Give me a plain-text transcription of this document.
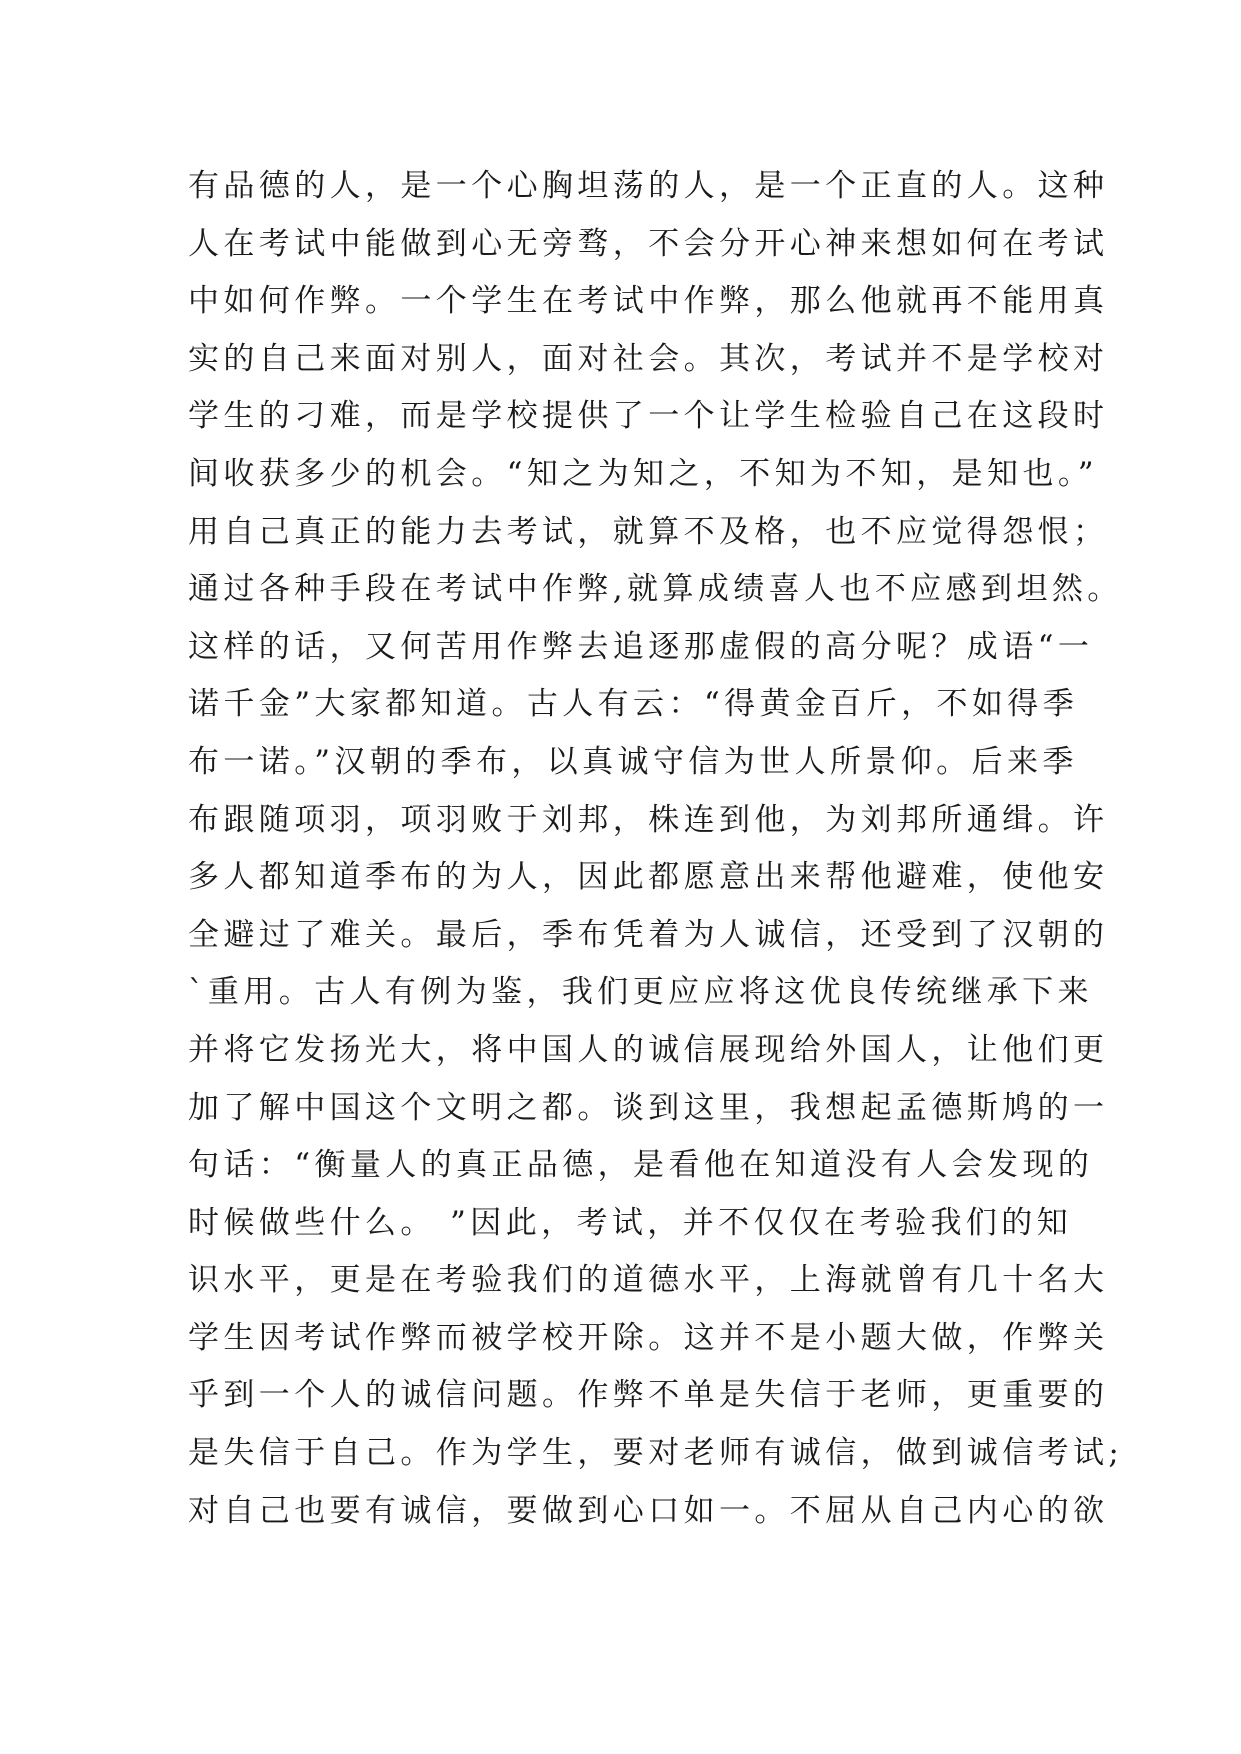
有品德的人，是一个心胸坦荡的人，是一个正直的人。这种
人在考试中能做到心无旁骛，不会分开心神来想如何在考试
中如何作弊。一个学生在考试中作弊，那么他就再不能用真
实的自己来面对别人，面对社会。其次，考试并不是学校对
学生的刁难，而是学校提供了一个让学生检验自己在这段时
间收获多少的机会。“知之为知之，不知为不知，是知也。”
用自己真正的能力去考试，就算不及格，也不应觉得怨恨；
通过各种手段在考试中作弊,就算成绩喜人也不应感到坦然。
这样的话，又何苦用作弊去追逐那虚假的高分呢？成语“一
诺千金”大家都知道。古人有云：“得黄金百斤，不如得季
布一诺。”汉朝的季布，以真诚守信为世人所景仰。后来季
布跟随项羽，项羽败于刘邦，株连到他，为刘邦所通缉。许
多人都知道季布的为人，因此都愿意出来帮他避难，使他安
全避过了难关。最后，季布凭着为人诚信，还受到了汉朝的
`重用。古人有例为鉴，我们更应应将这优良传统继承下来
并将它发扬光大，将中国人的诚信展现给外国人，让他们更
加了解中国这个文明之都。谈到这里，我想起孟德斯鸠的一
句话：“衡量人的真正品德，是看他在知道没有人会发现的
时候做些什么。 ”因此，考试，并不仅仅在考验我们的知
识水平，更是在考验我们的道德水平，上海就曾有几十名大
学生因考试作弊而被学校开除。这并不是小题大做，作弊关
乎到一个人的诚信问题。作弊不单是失信于老师，更重要的
是失信于自己。作为学生，要对老师有诚信，做到诚信考试;
对自己也要有诚信，要做到心口如一。不屈从自己内心的欲
